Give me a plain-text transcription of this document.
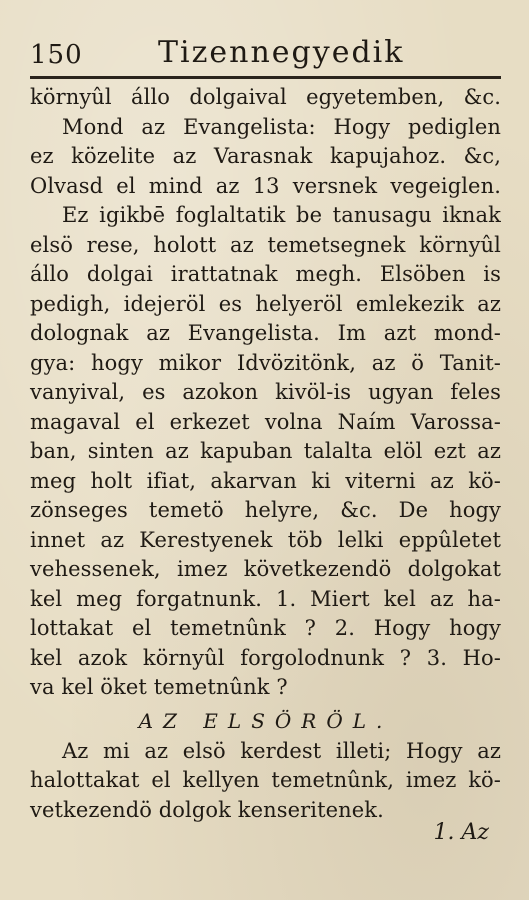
150	Tizennegyedik
környûl állo dolgaival egyetemben, &c.
Mond az Evangelista: Hogy pediglen
ez közelite az Varasnak kapujahoz. &c,
Olvasd el mind az 13 versnek vegeiglen.
Ez igikbē foglaltatik be tanusagu iknak
elsö rese, holott az temetsegnek környûl
állo dolgai irattatnak megh. Elsöben is
pedigh, idejeröl es helyeröl emlekezik az
dolognak az Evangelista. Im azt mond-
gya: hogy mikor Idvözitönk, az ö Tanit-
vanyival, es azokon kivöl-is ugyan feles
magaval el erkezet volna Naím Varossa-
ban, sinten az kapuban talalta elöl ezt az
meg holt ifiat, akarvan ki viterni az kö-
zönseges temetö helyre, &c. De hogy
innet az Kerestyenek töb lelki eppûletet
vehessenek, imez következendö dolgokat
kel meg forgatnunk. 1. Miert kel az ha-
lottakat el temetnûnk ? 2. Hogy hogy
kel azok környûl forgolodnunk ? 3. Ho-
va kel öket temetnûnk ?
AZ ELSÖRÖL.
Az mi az elsö kerdest illeti; Hogy az
halottakat el kellyen temetnûnk, imez kö-
vetkezendö dolgok kenseritenek.
1. Az
